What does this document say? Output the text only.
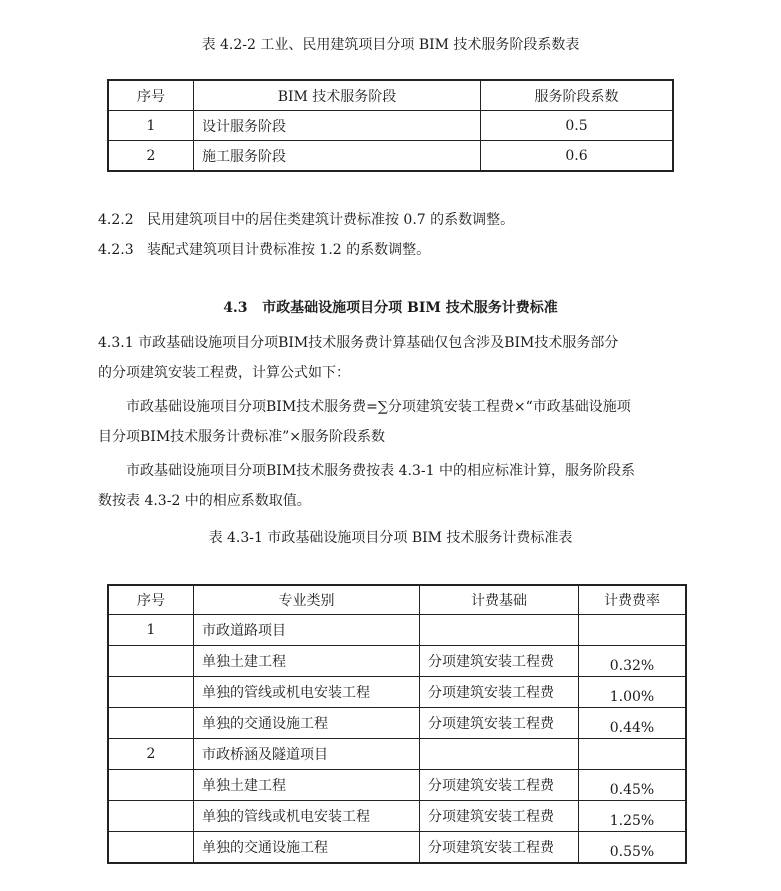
表 4.2-2 工业、民用建筑项目分项 BIM 技术服务阶段系数表
序号	BIM 技术服务阶段	服务阶段系数
1	设计服务阶段	0.5
2	施工服务阶段	0.6
4.2.2   民用建筑项目中的居住类建筑计费标准按 0.7 的系数调整。
4.2.3   装配式建筑项目计费标准按 1.2 的系数调整。
4.3   市政基础设施项目分项 BIM 技术服务计费标准
4.3.1 市政基础设施项目分项BIM技术服务费计算基础仅包含涉及BIM技术服务部分
的分项建筑安装工程费，计算公式如下：
市政基础设施项目分项BIM技术服务费=∑分项建筑安装工程费×“市政基础设施项
目分项BIM技术服务计费标准”×服务阶段系数
市政基础设施项目分项BIM技术服务费按表 4.3-1 中的相应标准计算，服务阶段系
数按表 4.3-2 中的相应系数取值。
表 4.3-1 市政基础设施项目分项 BIM 技术服务计费标准表
序号	专业类别	计费基础	计费费率
1	市政道路项目		
	单独土建工程	分项建筑安装工程费	0.32%
	单独的管线或机电安装工程	分项建筑安装工程费	1.00%
	单独的交通设施工程	分项建筑安装工程费	0.44%
2	市政桥涵及隧道项目		
	单独土建工程	分项建筑安装工程费	0.45%
	单独的管线或机电安装工程	分项建筑安装工程费	1.25%
	单独的交通设施工程	分项建筑安装工程费	0.55%
